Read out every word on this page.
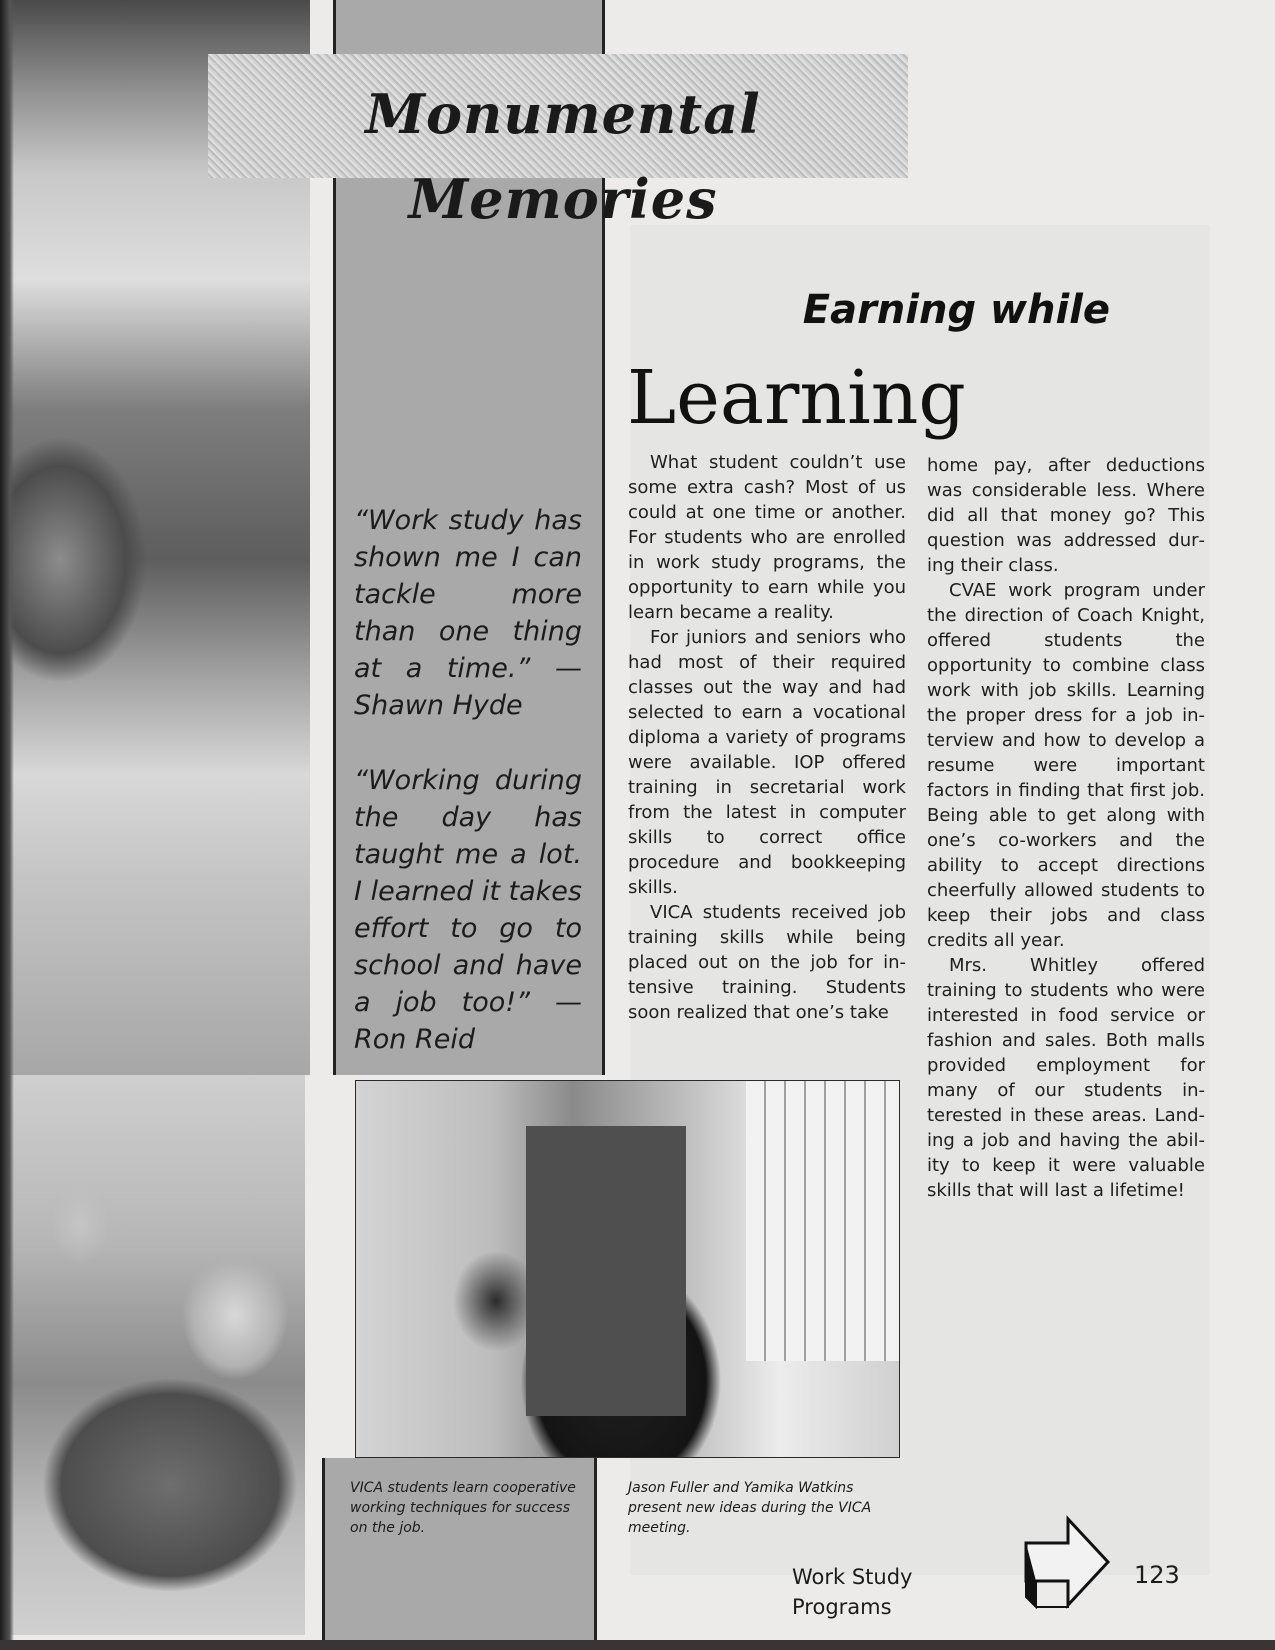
Monumental Memories
Earning while
Learning

What student couldn’t use some extra cash? Most of us could at one time or another. For students who are enrolled in work study programs, the opportunity to earn while you learn became a reality.

For juniors and seniors who had most of their required classes out the way and had selected to earn a vocational diploma a variety of programs were available. IOP offered training in secretarial work from the latest in computer skills to correct office procedure and bookkeeping skills.

VICA students received job training skills while being placed out on the job for intensive training. Students soon realized that one’s take

home pay, after deductions was considerable less. Where did all that money go? This question was addressed during their class.

CVAE work program under the direction of Coach Knight, offered students the opportunity to combine class work with job skills. Learning the proper dress for a job interview and how to develop a resume were important factors in finding that first job. Being able to get along with one’s co-workers and the ability to accept directions cheerfully allowed students to keep their jobs and class credits all year.

Mrs. Whitley offered training to students who were interested in food service or fashion and sales. Both malls provided employment for many of our students interested in these areas. Landing a job and having the ability to keep it were valuable skills that will last a lifetime!

“Work study has shown me I can tackle more than one thing at a time.” — Shawn Hyde
“Working during the day has taught me a lot. I learned it takes effort to go to school and have a job too!” — Ron Reid
VICA students learn cooperative working techniques for success on the job.
Jason Fuller and Yamika Watkins present new ideas during the VICA meeting.
Work Study Programs
123
